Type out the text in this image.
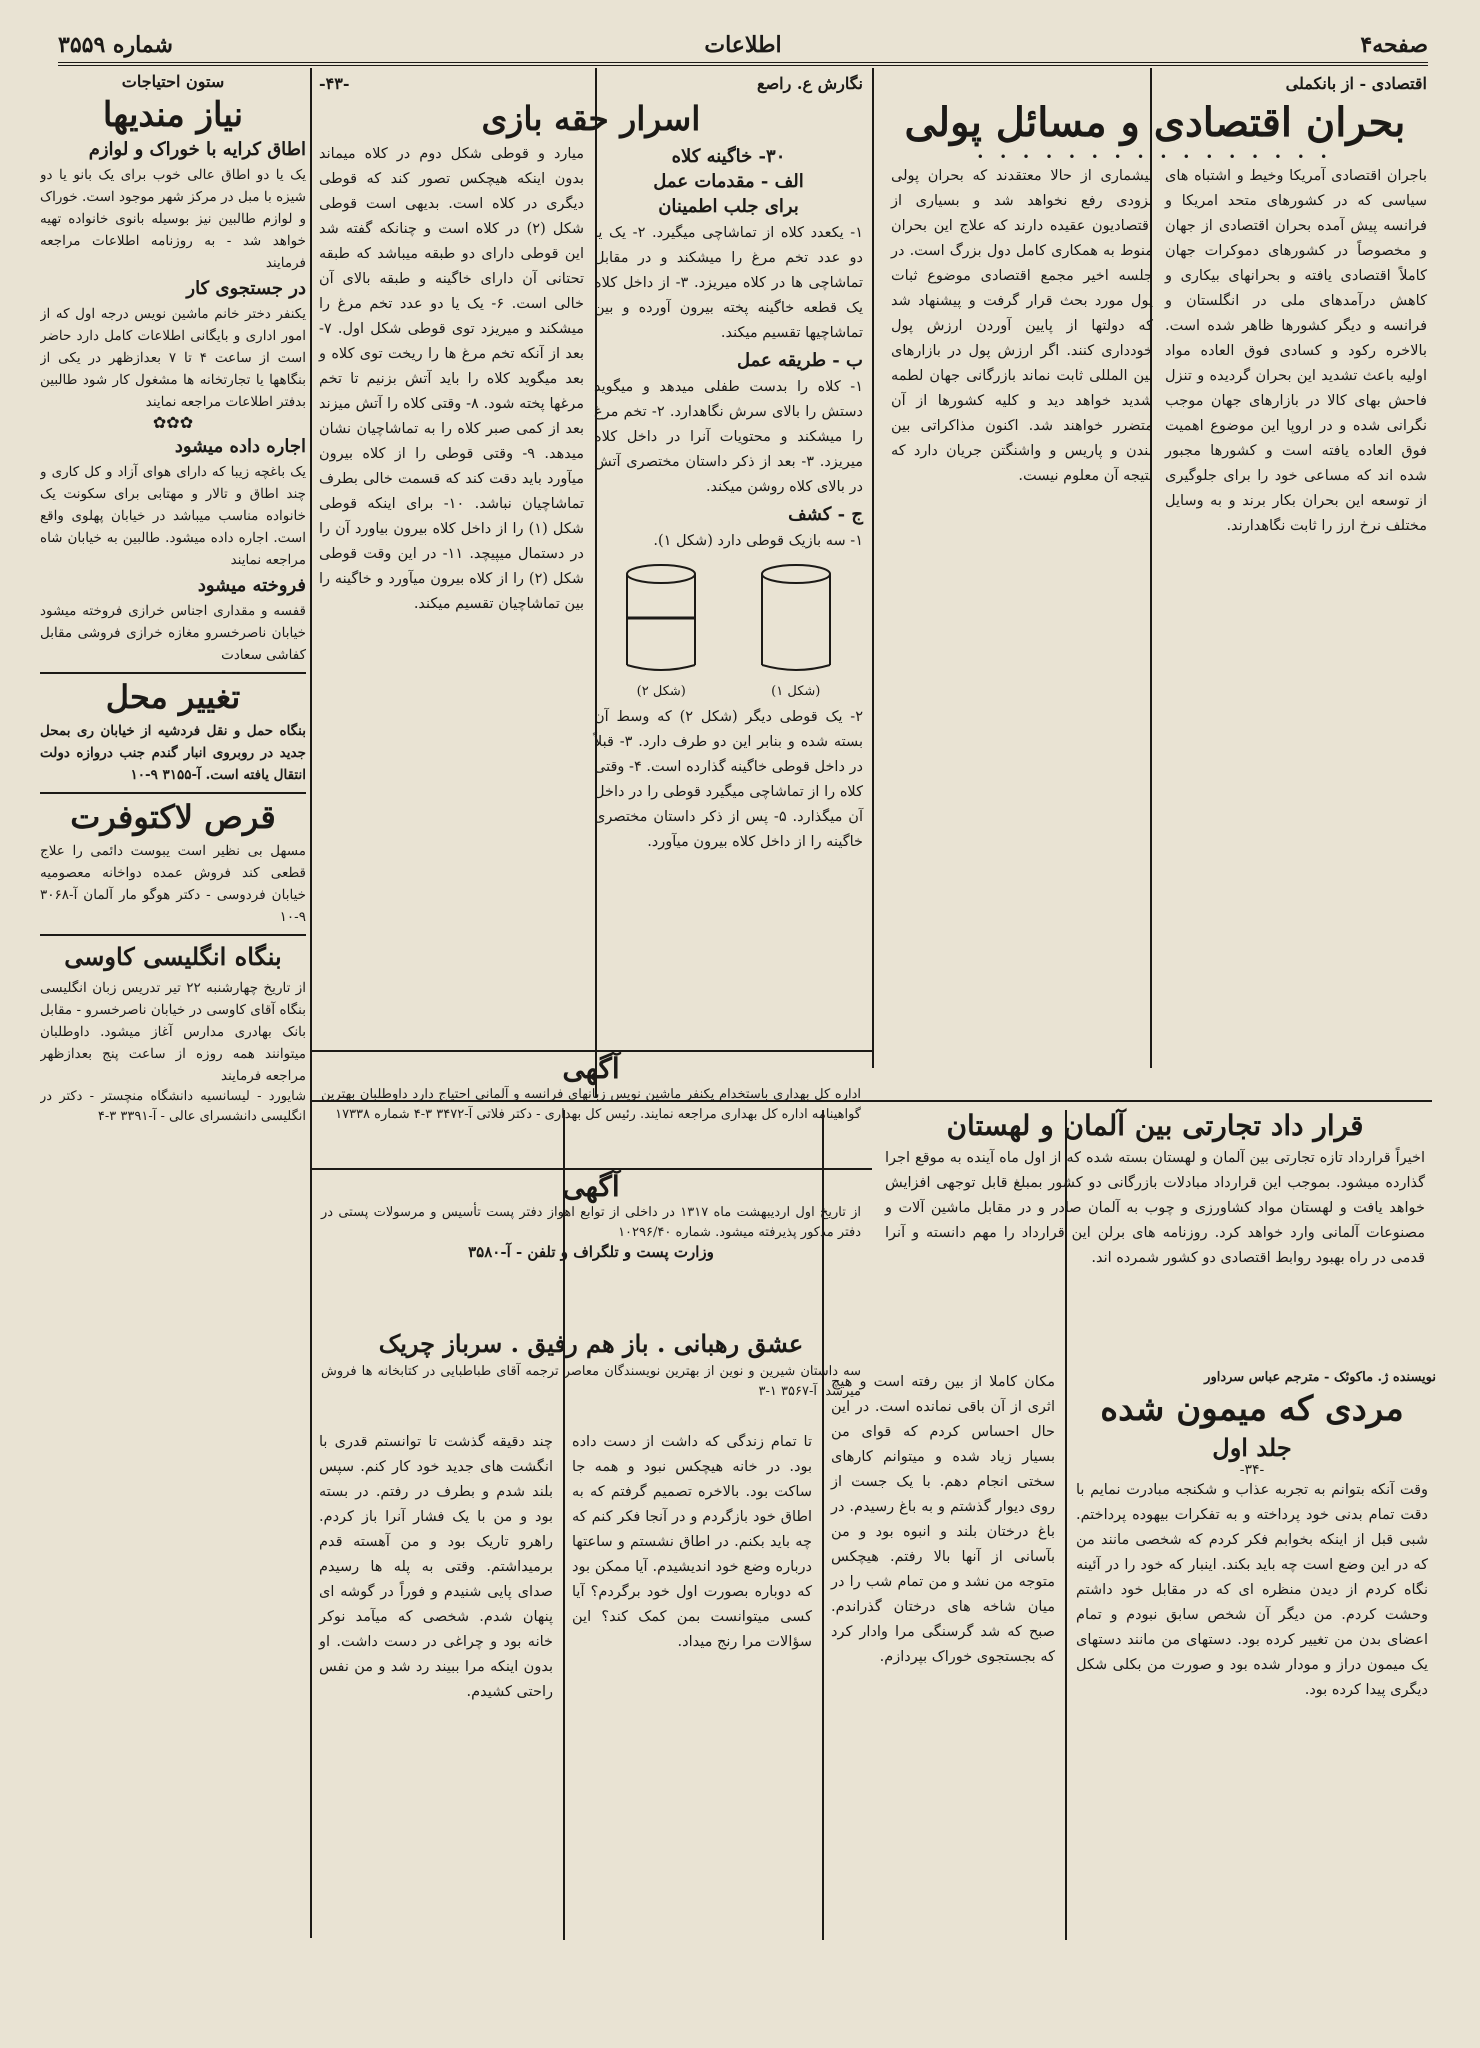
صفحه۴
اطلاعات
شماره ۳۵۵۹
اقتصادی - از بانکملی
بحران اقتصادی و مسائل پولی
• • • • • • • • • • • • • • • •

باجران اقتصادی آمریکا وخیط و اشتباه های سیاسی که در کشورهای متحد امریکا و فرانسه پیش آمده بحران اقتصادی از جهان و مخصوصاً در کشورهای دموکرات جهان کاملاً اقتصادی یافته و بحرانهای بیکاری و کاهش درآمدهای ملی در انگلستان و فرانسه و دیگر کشورها ظاهر شده است. بالاخره رکود و کسادی فوق العاده مواد اولیه باعث تشدید این بحران گردیده و تنزل فاحش بهای کالا در بازارهای جهان موجب نگرانی شده و در اروپا این موضوع اهمیت فوق العاده یافته است و کشورها مجبور شده اند که مساعی خود را برای جلوگیری از توسعه این بحران بکار برند و به وسایل مختلف نرخ ارز را ثابت نگاهدارند.

بیشماری از حالا معتقدند که بحران پولی بزودی رفع نخواهد شد و بسیاری از اقتصادیون عقیده دارند که علاج این بحران منوط به همکاری کامل دول بزرگ است. در جلسه اخیر مجمع اقتصادی موضوع ثبات پول مورد بحث قرار گرفت و پیشنهاد شد که دولتها از پایین آوردن ارزش پول خودداری کنند. اگر ارزش پول در بازارهای بین المللی ثابت نماند بازرگانی جهان لطمه شدید خواهد دید و کلیه کشورها از آن متضرر خواهند شد. اکنون مذاکراتی بین لندن و پاریس و واشنگتن جریان دارد که نتیجه آن معلوم نیست.

نگارش ع. راصع
-۴۳-
اسرار حقه بازی
۳۰- خاگینه کلاه
الف - مقدمات عمل
برای جلب اطمینان

۱- یکعدد کلاه از تماشاچی میگیرد. ۲- یک یا دو عدد تخم مرغ را میشکند و در مقابل تماشاچی ها در کلاه میریزد. ۳- از داخل کلاه یک قطعه خاگینه پخته بیرون آورده و بین تماشاچیها تقسیم میکند.

ب - طریقه عمل

۱- کلاه را بدست طفلی میدهد و میگوید دستش را بالای سرش نگاهدارد. ۲- تخم مرغ را میشکند و محتویات آنرا در داخل کلاه میریزد. ۳- بعد از ذکر داستان مختصری آتش در بالای کلاه روشن میکند.

ج - کشف

۱- سه بازیک قوطی دارد (شکل ۱).

(شکل ۱)
(شکل ۲)

۲- یک قوطی دیگر (شکل ۲) که وسط آن بسته شده و بنابر این دو طرف دارد. ۳- قبلاً در داخل قوطی خاگینه گذارده است. ۴- وقتی کلاه را از تماشاچی میگیرد قوطی را در داخل آن میگذارد. ۵- پس از ذکر داستان مختصری خاگینه را از داخل کلاه بیرون میآورد.

میارد و قوطی شکل دوم در کلاه میماند بدون اینکه هیچکس تصور کند که قوطی دیگری در کلاه است. بدیهی است قوطی شکل (۲) در کلاه است و چنانکه گفته شد این قوطی دارای دو طبقه میباشد که طبقه تحتانی آن دارای خاگینه و طبقه بالای آن خالی است. ۶- یک یا دو عدد تخم مرغ را میشکند و میریزد توی قوطی شکل اول. ۷- بعد از آنکه تخم مرغ ها را ریخت توی کلاه و بعد میگوید کلاه را باید آتش بزنیم تا تخم مرغها پخته شود. ۸- وقتی کلاه را آتش میزند بعد از کمی صبر کلاه را به تماشاچیان نشان میدهد. ۹- وقتی قوطی را از کلاه بیرون میآورد باید دقت کند که قسمت خالی بطرف تماشاچیان نباشد. ۱۰- برای اینکه قوطی شکل (۱) را از داخل کلاه بیرون بیاورد آن را در دستمال میپیچد. ۱۱- در این وقت قوطی شکل (۲) را از کلاه بیرون میآورد و خاگینه را بین تماشاچیان تقسیم میکند.

آگهی

اداره کل بهداری باستخدام یکنفر ماشین نویس زبانهای فرانسه و آلمانی احتیاج دارد داوطلبان بهترین گواهینامه اداره کل بهداری مراجعه نمایند. رئیس کل بهداری - دکتر فلاتی آ-۳۴۷۲ ۳-۴ شماره ۱۷۳۳۸

آگهی

از تاریخ اول اردیبهشت ماه ۱۳۱۷ در داخلی از توابع اهواز دفتر پست تأسیس و مرسولات پستی در دفتر مذکور پذیرفته میشود. شماره ۱۰۲۹۶/۴۰

وزارت پست و تلگراف و تلفن - آ-۳۵۸۰
عشق رهبانی . باز هم رفیق . سرباز چریک

سه داستان شیرین و نوین از بهترین نویسندگان معاصر ترجمه آقای طباطبایی در کتابخانه ها فروش میرسد. آ-۳۵۶۷ ۱-۳

قرار داد تجارتی بین آلمان و لهستان

اخیراً قرارداد تازه تجارتی بین آلمان و لهستان بسته شده که از اول ماه آینده به موقع اجرا گذارده میشود. بموجب این قرارداد مبادلات بازرگانی دو کشور بمبلغ قابل توجهی افزایش خواهد یافت و لهستان مواد کشاورزی و چوب به آلمان صادر و در مقابل ماشین آلات و مصنوعات آلمانی وارد خواهد کرد. روزنامه های برلن این قرارداد را مهم دانسته و آنرا قدمی در راه بهبود روابط اقتصادی دو کشور شمرده اند.

ستون احتیاجات
نیاز مندیها
اطاق کرایه با خوراک و لوازم

یک یا دو اطاق عالی خوب برای یک بانو یا دو شیزه با مبل در مرکز شهر موجود است. خوراک و لوازم طالبین نیز بوسیله بانوی خانواده تهیه خواهد شد - به روزنامه اطلاعات مراجعه فرمایند

در جستجوی کار

یکنفر دختر خانم ماشین نویس درجه اول که از امور اداری و بایگانی اطلاعات کامل دارد حاضر است از ساعت ۴ تا ۷ بعدازظهر در یکی از بنگاهها یا تجارتخانه ها مشغول کار شود طالبین بدفتر اطلاعات مراجعه نمایند

✿✿✿
اجاره داده میشود

یک باغچه زیبا که دارای هوای آزاد و کل کاری و چند اطاق و تالار و مهتابی برای سکونت یک خانواده مناسب میباشد در خیابان پهلوی واقع است. اجاره داده میشود. طالبین به خیابان شاه مراجعه نمایند

فروخته میشود

قفسه و مقداری اجناس خرازی فروخته میشود خیابان ناصرخسرو مغازه خرازی فروشی مقابل کفاشی سعادت

تغییر محل

بنگاه حمل و نقل فردشیه از خیابان ری بمحل جدید در روبروی انبار گندم جنب دروازه دولت انتقال یافته است. آ-۳۱۵۵ ۹-۱۰

قرص لاکتوفرت

مسهل بی نظیر است یبوست دائمی را علاج قطعی کند فروش عمده دواخانه معصومیه خیابان فردوسی - دکتر هوگو مار آلمان آ-۳۰۶۸ ۹-۱۰

بنگاه انگلیسی کاوسی

از تاریخ چهارشنبه ۲۲ تیر تدریس زبان انگلیسی بنگاه آقای کاوسی در خیابان ناصرخسرو - مقابل بانک بهادری مدارس آغاز میشود. داوطلبان میتوانند همه روزه از ساعت پنج بعدازظهر مراجعه فرمایند

شایورد - لیسانسیه دانشگاه منچستر - دکتر در انگلیسی دانشسرای عالی - آ-۳۳۹۱ ۳-۴

نویسنده ژ. ماکوئک - مترجم عباس سرداور
مردی که میمون شده
جلد اول
-۳۴-

وقت آنکه بتوانم به تجربه عذاب و شکنجه مبادرت نمایم با دقت تمام بدنی خود پرداخته و به تفکرات بیهوده پرداختم. شبی قبل از اینکه بخوابم فکر کردم که شخصی مانند من که در این وضع است چه باید بکند. اینبار که خود را در آئینه نگاه کردم از دیدن منظره ای که در مقابل خود داشتم وحشت کردم. من دیگر آن شخص سابق نبودم و تمام اعضای بدن من تغییر کرده بود. دستهای من مانند دستهای یک میمون دراز و مودار شده بود و صورت من بکلی شکل دیگری پیدا کرده بود.

مکان کاملا از بین رفته است و هیچ اثری از آن باقی نمانده است. در این حال احساس کردم که قوای من بسیار زیاد شده و میتوانم کارهای سختی انجام دهم. با یک جست از روی دیوار گذشتم و به باغ رسیدم. در باغ درختان بلند و انبوه بود و من بآسانی از آنها بالا رفتم. هیچکس متوجه من نشد و من تمام شب را در میان شاخه های درختان گذراندم. صبح که شد گرسنگی مرا وادار کرد که بجستجوی خوراک بپردازم.

تا تمام زندگی که داشت از دست داده بود. در خانه هیچکس نبود و همه جا ساکت بود. بالاخره تصمیم گرفتم که به اطاق خود بازگردم و در آنجا فکر کنم که چه باید بکنم. در اطاق نشستم و ساعتها درباره وضع خود اندیشیدم. آیا ممکن بود که دوباره بصورت اول خود برگردم؟ آیا کسی میتوانست بمن کمک کند؟ این سؤالات مرا رنج میداد.

چند دقیقه گذشت تا توانستم قدری با انگشت های جدید خود کار کنم. سپس بلند شدم و بطرف در رفتم. در بسته بود و من با یک فشار آنرا باز کردم. راهرو تاریک بود و من آهسته قدم برمیداشتم. وقتی به پله ها رسیدم صدای پایی شنیدم و فوراً در گوشه ای پنهان شدم. شخصی که میآمد نوکر خانه بود و چراغی در دست داشت. او بدون اینکه مرا ببیند رد شد و من نفس راحتی کشیدم.
